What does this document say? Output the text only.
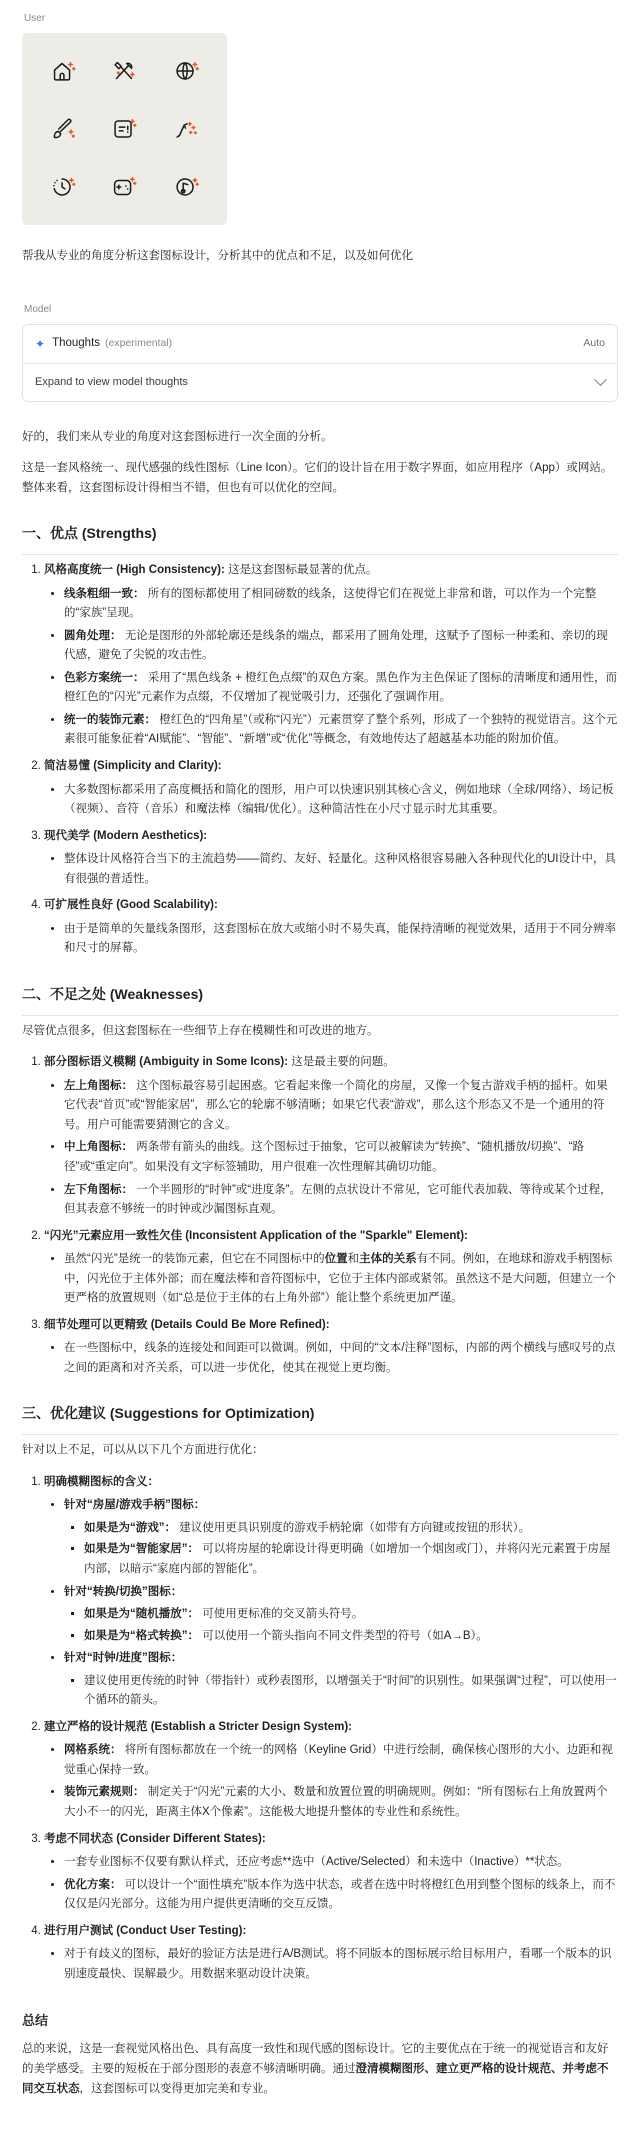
User

帮我从专业的角度分析这套图标设计，分析其中的优点和不足，以及如何优化

Model
✦ Thoughts (experimental)	Auto
Expand to view model thoughts

好的，我们来从专业的角度对这套图标进行一次全面的分析。

这是一套风格统一、现代感强的线性图标（Line Icon）。它们的设计旨在用于数字界面，如应用程序（App）或网站。整体来看，这套图标设计得相当不错，但也有可以优化的空间。

一、优点 (Strengths)
1. 风格高度统一 (High Consistency): 这是这套图标最显著的优点。
• 线条粗细一致： 所有的图标都使用了相同磅数的线条，这使得它们在视觉上非常和谐，可以作为一个完整的“家族”呈现。
• 圆角处理： 无论是图形的外部轮廓还是线条的端点，都采用了圆角处理，这赋予了图标一种柔和、亲切的现代感，避免了尖锐的攻击性。
• 色彩方案统一： 采用了“黑色线条 + 橙红色点缀”的双色方案。黑色作为主色保证了图标的清晰度和通用性，而橙红色的“闪光”元素作为点缀，不仅增加了视觉吸引力，还强化了强调作用。
• 统一的装饰元素： 橙红色的“四角星”（或称“闪光”）元素贯穿了整个系列，形成了一个独特的视觉语言。这个元素很可能象征着“AI赋能”、“智能”、“新增”或“优化”等概念，有效地传达了超越基本功能的附加价值。
2. 简洁易懂 (Simplicity and Clarity):
• 大多数图标都采用了高度概括和简化的图形，用户可以快速识别其核心含义，例如地球（全球/网络）、场记板（视频）、音符（音乐）和魔法棒（编辑/优化）。这种简洁性在小尺寸显示时尤其重要。
3. 现代美学 (Modern Aesthetics):
• 整体设计风格符合当下的主流趋势——简约、友好、轻量化。这种风格很容易融入各种现代化的UI设计中，具有很强的普适性。
4. 可扩展性良好 (Good Scalability):
• 由于是简单的矢量线条图形，这套图标在放大或缩小时不易失真，能保持清晰的视觉效果，适用于不同分辨率和尺寸的屏幕。
二、不足之处 (Weaknesses)

尽管优点很多，但这套图标在一些细节上存在模糊性和可改进的地方。

1. 部分图标语义模糊 (Ambiguity in Some Icons): 这是最主要的问题。
• 左上角图标： 这个图标最容易引起困惑。它看起来像一个简化的房屋，又像一个复古游戏手柄的摇杆。如果它代表“首页”或“智能家居”，那么它的轮廓不够清晰；如果它代表“游戏”，那么这个形态又不是一个通用的符号。用户可能需要猜测它的含义。
• 中上角图标： 两条带有箭头的曲线。这个图标过于抽象，它可以被解读为“转换”、“随机播放/切换”、“路径”或“重定向”。如果没有文字标签辅助，用户很难一次性理解其确切功能。
• 左下角图标： 一个半圆形的“时钟”或“进度条”。左侧的点状设计不常见，它可能代表加载、等待或某个过程，但其表意不够统一的时钟或沙漏图标直观。
2. “闪光”元素应用一致性欠佳 (Inconsistent Application of the "Sparkle" Element):
• 虽然“闪光”是统一的装饰元素，但它在不同图标中的位置和主体的关系有不同。例如，在地球和游戏手柄图标中，闪光位于主体外部；而在魔法棒和音符图标中，它位于主体内部或紧邻。虽然这不是大问题，但建立一个更严格的放置规则（如“总是位于主体的右上角外部”）能让整个系统更加严谨。
3. 细节处理可以更精致 (Details Could Be More Refined):
• 在一些图标中，线条的连接处和间距可以微调。例如，中间的“文本/注释”图标，内部的两个横线与感叹号的点之间的距离和对齐关系，可以进一步优化，使其在视觉上更均衡。
三、优化建议 (Suggestions for Optimization)

针对以上不足，可以从以下几个方面进行优化：

1. 明确模糊图标的含义：
• 针对“房屋/游戏手柄”图标：
▪ 如果是为“游戏”： 建议使用更具识别度的游戏手柄轮廓（如带有方向键或按钮的形状）。
▪ 如果是为“智能家居”： 可以将房屋的轮廓设计得更明确（如增加一个烟囱或门），并将闪光元素置于房屋内部，以暗示“家庭内部的智能化”。
• 针对“转换/切换”图标：
▪ 如果是为“随机播放”： 可使用更标准的交叉箭头符号。
▪ 如果是为“格式转换”： 可以使用一个箭头指向不同文件类型的符号（如A→B）。
• 针对“时钟/进度”图标：
▪ 建议使用更传统的时钟（带指针）或秒表图形，以增强关于“时间”的识别性。如果强调“过程”，可以使用一个循环的箭头。
2. 建立严格的设计规范 (Establish a Stricter Design System):
• 网格系统： 将所有图标都放在一个统一的网格（Keyline Grid）中进行绘制，确保核心图形的大小、边距和视觉重心保持一致。
• 装饰元素规则： 制定关于“闪光”元素的大小、数量和放置位置的明确规则。例如：“所有图标右上角放置两个大小不一的闪光，距离主体X个像素”。这能极大地提升整体的专业性和系统性。
3. 考虑不同状态 (Consider Different States):
• 一套专业图标不仅要有默认样式，还应考虑**选中（Active/Selected）和未选中（Inactive）**状态。
• 优化方案： 可以设计一个“面性填充”版本作为选中状态，或者在选中时将橙红色用到整个图标的线条上，而不仅仅是闪光部分。这能为用户提供更清晰的交互反馈。
4. 进行用户测试 (Conduct User Testing):
• 对于有歧义的图标，最好的验证方法是进行A/B测试。将不同版本的图标展示给目标用户，看哪一个版本的识别速度最快、误解最少。用数据来驱动设计决策。
总结

总的来说，这是一套视觉风格出色、具有高度一致性和现代感的图标设计。它的主要优点在于统一的视觉语言和友好的美学感受。主要的短板在于部分图形的表意不够清晰明确。通过澄清模糊图形、建立更严格的设计规范、并考虑不同交互状态，这套图标可以变得更加完美和专业。
